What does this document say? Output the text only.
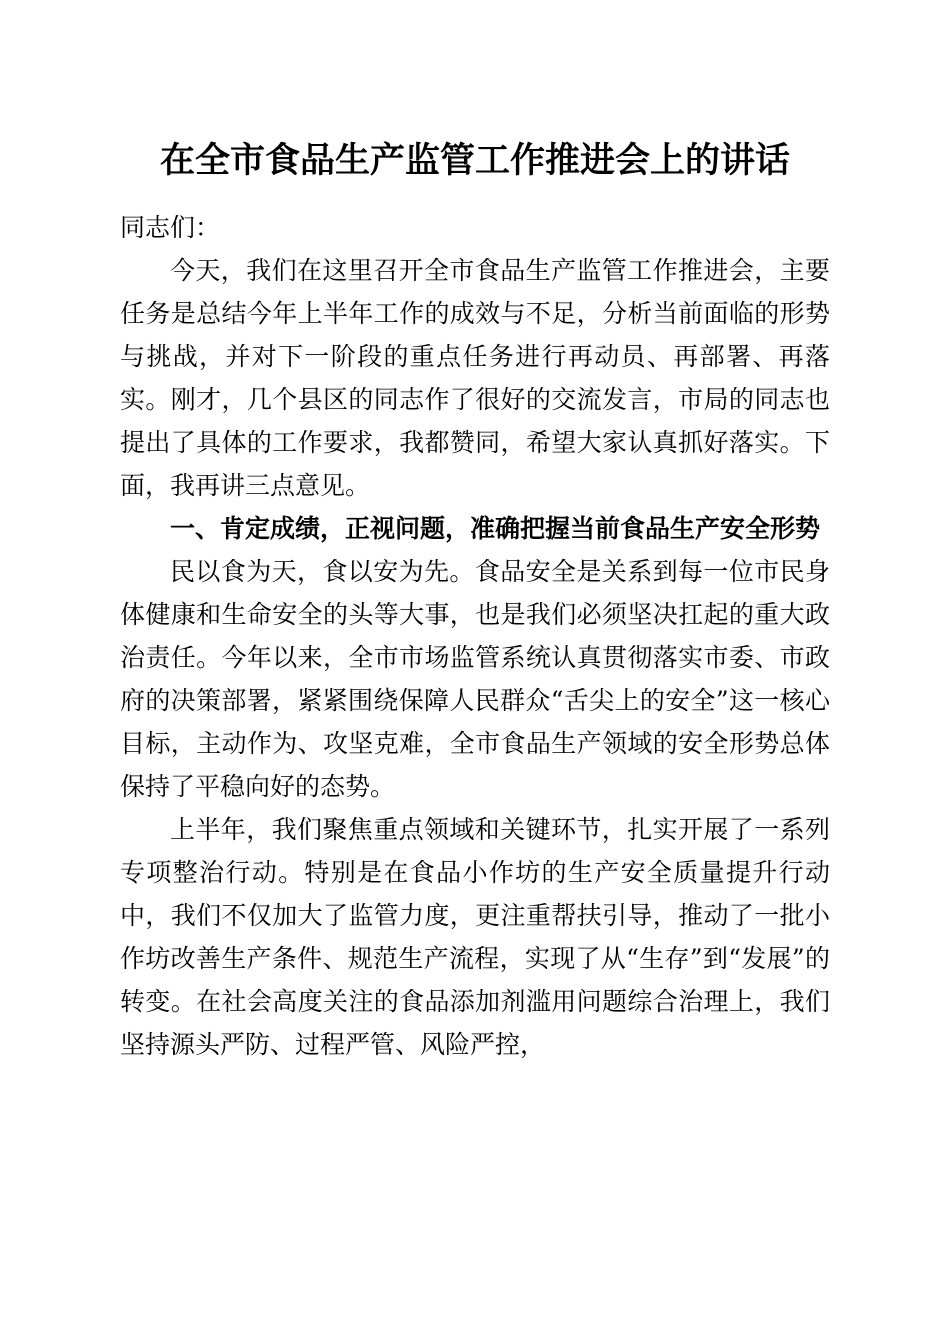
在全市食品生产监管工作推进会上的讲话

同志们：

今天，我们在这里召开全市食品生产监管工作推进会，主要任务是总结今年上半年工作的成效与不足，分析当前面临的形势与挑战，并对下一阶段的重点任务进行再动员、再部署、再落实。刚才，几个县区的同志作了很好的交流发言，市局的同志也提出了具体的工作要求，我都赞同，希望大家认真抓好落实。下面，我再讲三点意见。

一、肯定成绩，正视问题，准确把握当前食品生产安全形势

民以食为天，食以安为先。食品安全是关系到每一位市民身体健康和生命安全的头等大事，也是我们必须坚决扛起的重大政治责任。今年以来，全市市场监管系统认真贯彻落实市委、市政府的决策部署，紧紧围绕保障人民群众“舌尖上的安全”这一核心目标，主动作为、攻坚克难，全市食品生产领域的安全形势总体保持了平稳向好的态势。

上半年，我们聚焦重点领域和关键环节，扎实开展了一系列专项整治行动。特别是在食品小作坊的生产安全质量提升行动中，我们不仅加大了监管力度，更注重帮扶引导，推动了一批小作坊改善生产条件、规范生产流程，实现了从“生存”到“发展”的转变。在社会高度关注的食品添加剂滥用问题综合治理上，我们坚持源头严防、过程严管、风险严控，
